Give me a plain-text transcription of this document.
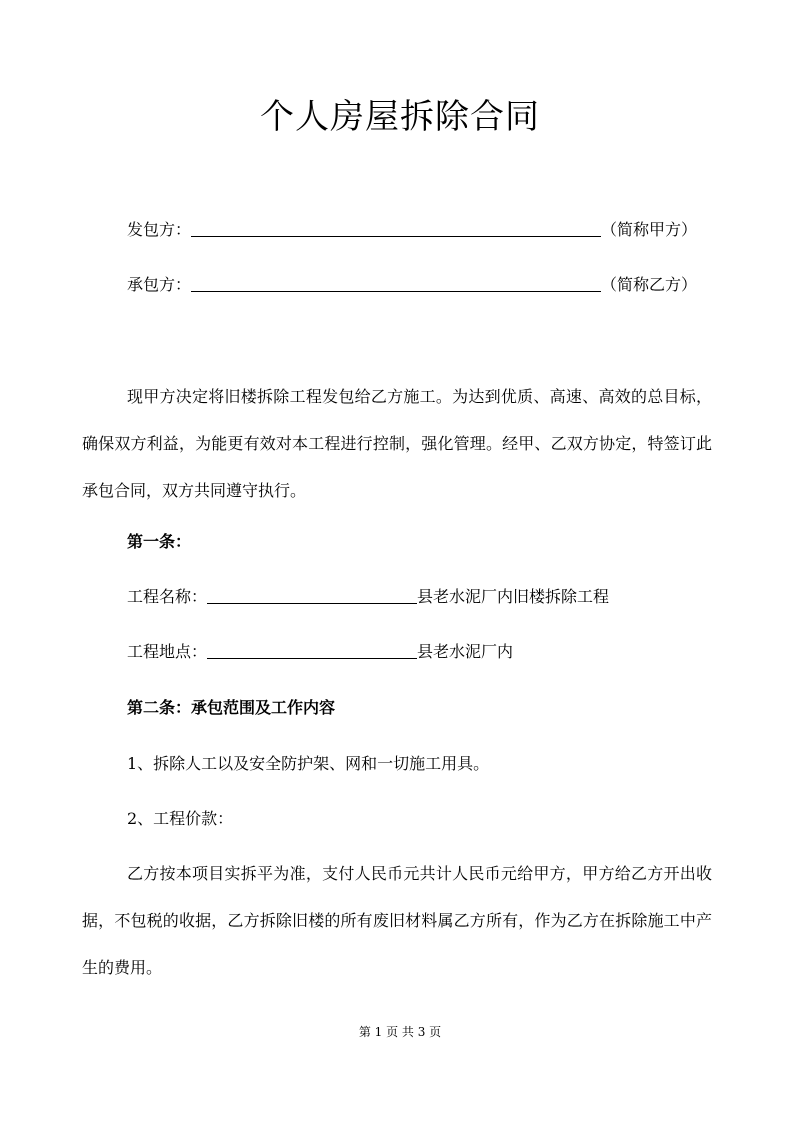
个人房屋拆除合同
发包方：	（简称甲方）
承包方：	（简称乙方）
现甲方决定将旧楼拆除工程发包给乙方施工。为达到优质、高速、高效的总目标，确保双方利益，为能更有效对本工程进行控制，强化管理。经甲、乙双方协定，特签订此承包合同，双方共同遵守执行。
第一条：
工程名称：	县老水泥厂内旧楼拆除工程
工程地点：	县老水泥厂内
第二条：承包范围及工作内容
1、拆除人工以及安全防护架、网和一切施工用具。
2、工程价款：
乙方按本项目实拆平为准，支付人民币元共计人民币元给甲方，甲方给乙方开出收据，不包税的收据，乙方拆除旧楼的所有废旧材料属乙方所有，作为乙方在拆除施工中产生的费用。
第 1 页 共 3 页
